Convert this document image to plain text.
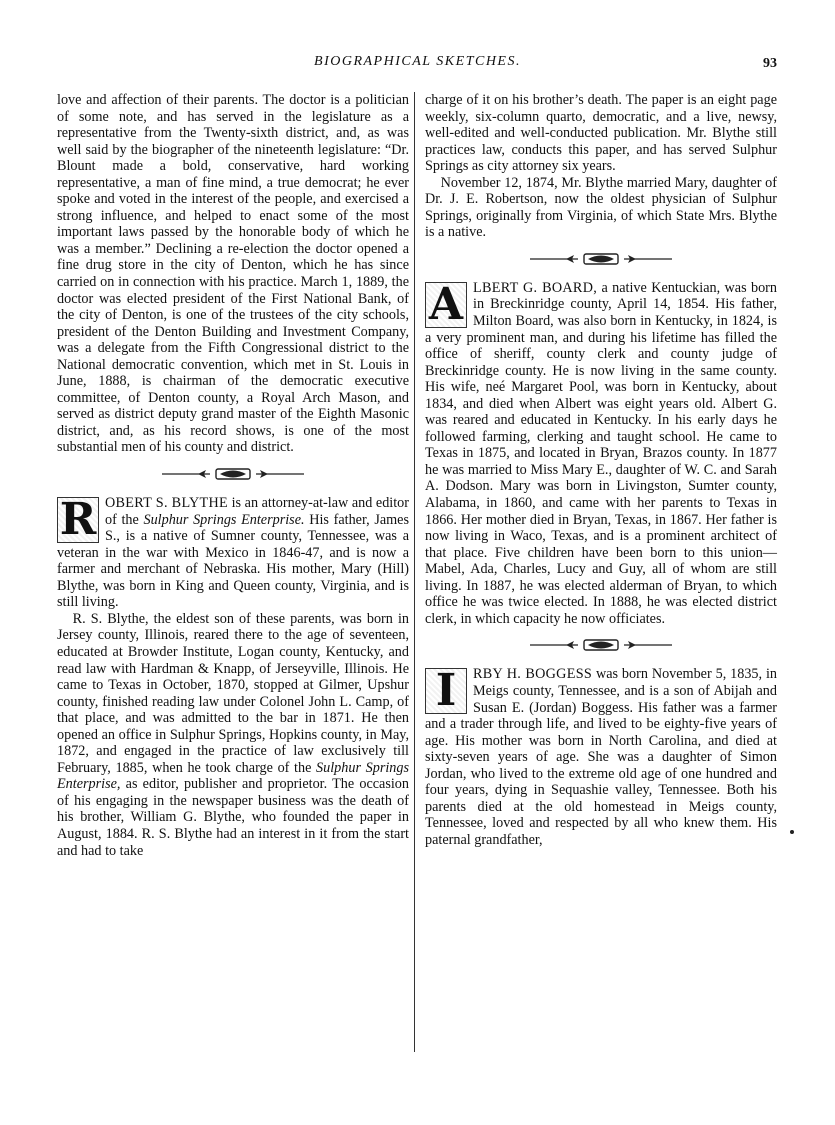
BIOGRAPHICAL SKETCHES.	93

love and affection of their parents. The doctor is a politician of some note, and has served in the legislature as a representative from the Twenty-sixth district, and, as was well said by the biographer of the nineteenth legislature: “Dr. Blount made a bold, conservative, hard working representative, a man of fine mind, a true democrat; he ever spoke and voted in the interest of the people, and exercised a strong influence, and helped to enact some of the most important laws passed by the honorable body of which he was a member.” Declining a re-election the doctor opened a fine drug store in the city of Denton, which he has since carried on in connection with his practice. March 1, 1889, the doctor was elected president of the First National Bank, of the city of Denton, is one of the trustees of the city schools, president of the Denton Building and Investment Company, was a delegate from the Fifth Congressional district to the National democratic convention, which met in St. Louis in June, 1888, is chairman of the democratic executive committee, of Denton county, a Royal Arch Mason, and served as district deputy grand master of the Eighth Masonic district, and, as his record shows, is one of the most substantial men of his county and district.

R OBERT S. BLYTHE is an attorney-at-law and editor of the Sulphur Springs Enterprise. His father, James S., is a native of Sumner county, Tennessee, was a veteran in the war with Mexico in 1846-47, and is now a farmer and merchant of Nebraska. His mother, Mary (Hill) Blythe, was born in King and Queen county, Virginia, and is still living.

R. S. Blythe, the eldest son of these parents, was born in Jersey county, Illinois, reared there to the age of seventeen, educated at Browder Institute, Logan county, Kentucky, and read law with Hardman & Knapp, of Jerseyville, Illinois. He came to Texas in October, 1870, stopped at Gilmer, Upshur county, finished reading law under Colonel John L. Camp, of that place, and was admitted to the bar in 1871. He then opened an office in Sulphur Springs, Hopkins county, in May, 1872, and engaged in the practice of law exclusively till February, 1885, when he took charge of the Sulphur Springs Enterprise, as editor, publisher and proprietor. The occasion of his engaging in the newspaper business was the death of his brother, William G. Blythe, who founded the paper in August, 1884. R. S. Blythe had an interest in it from the start and had to take

charge of it on his brother’s death. The paper is an eight page weekly, six-column quarto, democratic, and a live, newsy, well-edited and well-conducted publication. Mr. Blythe still practices law, conducts this paper, and has served Sulphur Springs as city attorney six years.

November 12, 1874, Mr. Blythe married Mary, daughter of Dr. J. E. Robertson, now the oldest physician of Sulphur Springs, originally from Virginia, of which State Mrs. Blythe is a native.

A LBERT G. BOARD, a native Kentuckian, was born in Breckinridge county, April 14, 1854. His father, Milton Board, was also born in Kentucky, in 1824, is a very prominent man, and during his lifetime has filled the office of sheriff, county clerk and county judge of Breckinridge county. He is now living in the same county. His wife, neé Margaret Pool, was born in Kentucky, about 1834, and died when Albert was eight years old. Albert G. was reared and educated in Kentucky. In his early days he followed farming, clerking and taught school. He came to Texas in 1875, and located in Bryan, Brazos county. In 1877 he was married to Miss Mary E., daughter of W. C. and Sarah A. Dodson. Mary was born in Livingston, Sumter county, Alabama, in 1860, and came with her parents to Texas in 1866. Her mother died in Bryan, Texas, in 1867. Her father is now living in Waco, Texas, and is a prominent architect of that place. Five children have been born to this union—Mabel, Ada, Charles, Lucy and Guy, all of whom are still living. In 1887, he was elected alderman of Bryan, to which office he was twice elected. In 1888, he was elected district clerk, in which capacity he now officiates.

I	RBY H. BOGGESS was born November 5, 1835, in Meigs county, Tennessee, and is a son of Abijah and Susan E. (Jordan) Boggess. His father was a farmer and a trader through life, and lived to be eighty-five years of age. His mother was born in North Carolina, and died at sixty-seven years of age. She was a daughter of Simon Jordan, who lived to the extreme old age of one hundred and four years, dying in Sequashie valley, Tennessee. Both his parents died at the old homestead in Meigs county, Tennessee, loved and respected by all who knew them. His paternal grandfather,
